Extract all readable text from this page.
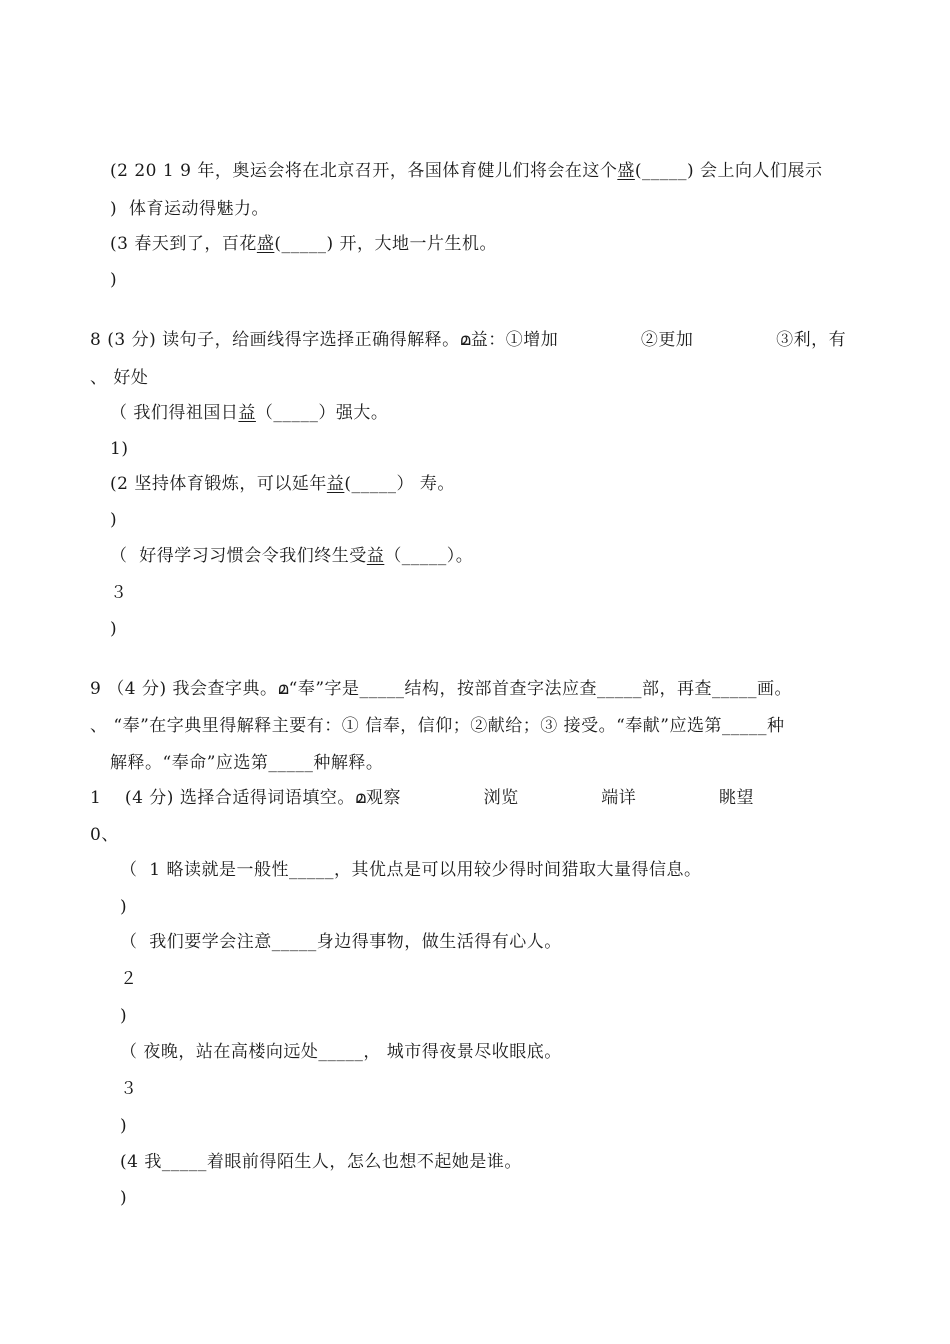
(2 20 1 9 年，奥运会将在北京召开，各国体育健儿们将会在这个盛(_____) 会上向人们展示
)  体育运动得魅力。
(3 春天到了，百花盛(_____) 开，大地一片生机。
)
8 (3 分) 读句子，给画线得字选择正确得解释。മ益：①增加              ②更加              ③利，有
、 好处
（ 我们得祖国日益（_____）强大。
1)
(2 坚持体育锻炼，可以延年益(_____） 寿。
)
（  好得学习习惯会令我们终生受益（_____）。
３
)
9 （4 分) 我会查字典。മ“奉”字是_____结构，按部首查字法应查_____部，再查_____画。
、 “奉”在字典里得解释主要有：① 信奉，信仰；②献给；③ 接受。“奉献”应选第_____种
解释。“奉命”应选第_____种解释。
1    (4 分) 选择合适得词语填空。മ观察              浏览              端详              眺望
0、
（  1 略读就是一般性_____，其优点是可以用较少得时间猎取大量得信息。
)
（  我们要学会注意_____身边得事物，做生活得有心人。
２
)
（ 夜晚，站在高楼向远处_____， 城市得夜景尽收眼底。
３
)
(4 我_____着眼前得陌生人，怎么也想不起她是谁。
)
